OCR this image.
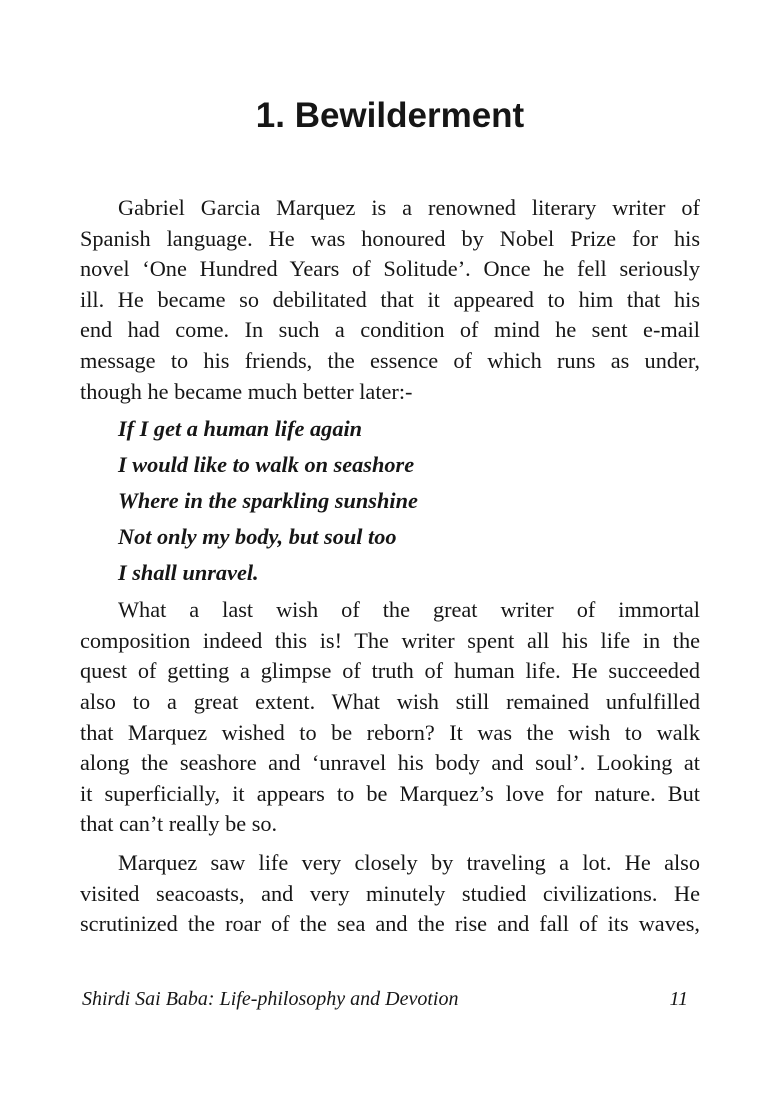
1. Bewilderment
Gabriel Garcia Marquez is a renowned literary writer of
Spanish language. He was honoured by Nobel Prize for his
novel ‘One Hundred Years of Solitude’. Once he fell seriously
ill. He became so debilitated that it appeared to him that his
end had come. In such a condition of mind he sent e-mail
message to his friends, the essence of which runs as under,
though he became much better later:-
If I get a human life again
I would like to walk on seashore
Where in the sparkling sunshine
Not only my body, but soul too
I shall unravel.
What a last wish of the great writer of immortal
composition indeed this is! The writer spent all his life in the
quest of getting a glimpse of truth of human life. He succeeded
also to a great extent. What wish still remained unfulfilled
that Marquez wished to be reborn? It was the wish to walk
along the seashore and ‘unravel his body and soul’. Looking at
it superficially, it appears to be Marquez’s love for nature. But
that can’t really be so.
Marquez saw life very closely by traveling a lot. He also
visited seacoasts, and very minutely studied civilizations. He
scrutinized the roar of the sea and the rise and fall of its waves,
Shirdi Sai Baba: Life-philosophy and Devotion	11
